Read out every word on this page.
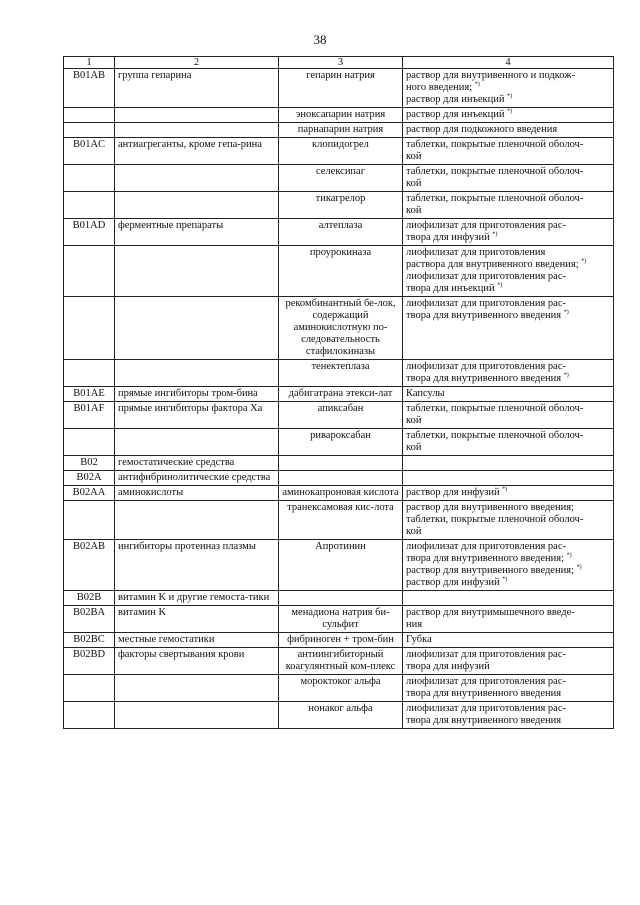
38
1	2	3	4
B01AB	группа гепарина	гепарин натрия	раствор для внутривенного и подкож-
ного введения; *)
раствор для инъекций *)

		эноксапарин натрия	раствор для инъекций *)

		парнапарин натрия	раствор для подкожного введения

B01AC	антиагреганты, кроме гепа-рина	клопидогрел	таблетки, покрытые пленочной оболоч-
кой

		селексипаг	таблетки, покрытые пленочной оболоч-
кой

		тикагрелор	таблетки, покрытые пленочной оболоч-
кой

B01AD	ферментные препараты	алтеплаза	лиофилизат для приготовления рас-
твора для инфузий *)

		проурокиназа	лиофилизат для приготовления
раствора для внутривенного введения; *)
лиофилизат для приготовления рас-
твора для инъекций *)

		рекомбинантный бе-лок, содержащий аминокислотную по-следовательность стафилокиназы	лиофилизат для приготовления рас-
твора для внутривенного введения *)

		тенектеплаза	лиофилизат для приготовления рас-
твора для внутривенного введения *)

B01AE	прямые ингибиторы тром-бина	дабигатрана этекси-лат	Капсулы

B01AF	прямые ингибиторы фактора Xa	апиксабан	таблетки, покрытые пленочной оболоч-
кой

		ривароксабан	таблетки, покрытые пленочной оболоч-
кой

B02	гемостатические средства		
B02A	антифибринолитические средства		
B02AA	аминокислоты	аминокапроновая кислота	раствор для инфузий *)

		транексамовая кис-лота	раствор для внутривенного введения;
таблетки, покрытые пленочной оболоч-
кой

B02AB	ингибиторы протеиназ плазмы	Апротинин	лиофилизат для приготовления рас-
твора для внутривенного введения; *)
раствор для внутривенного введения; *)
раствор для инфузий *)

B02B	витамин K и другие гемоста-тики		
B02BA	витамин K	менадиона натрия би-сульфит	раствор для внутримышечного введе-
ния

B02BC	местные гемостатики	фибриноген + тром-бин	Губка

B02BD	факторы свертывания крови	антиингибиторный коагулянтный ком-плекс	лиофилизат для приготовления рас-
твора для инфузий

		мороктоког альфа	лиофилизат для приготовления рас-
твора для внутривенного введения

		нонаког альфа	лиофилизат для приготовления рас-
твора для внутривенного введения
